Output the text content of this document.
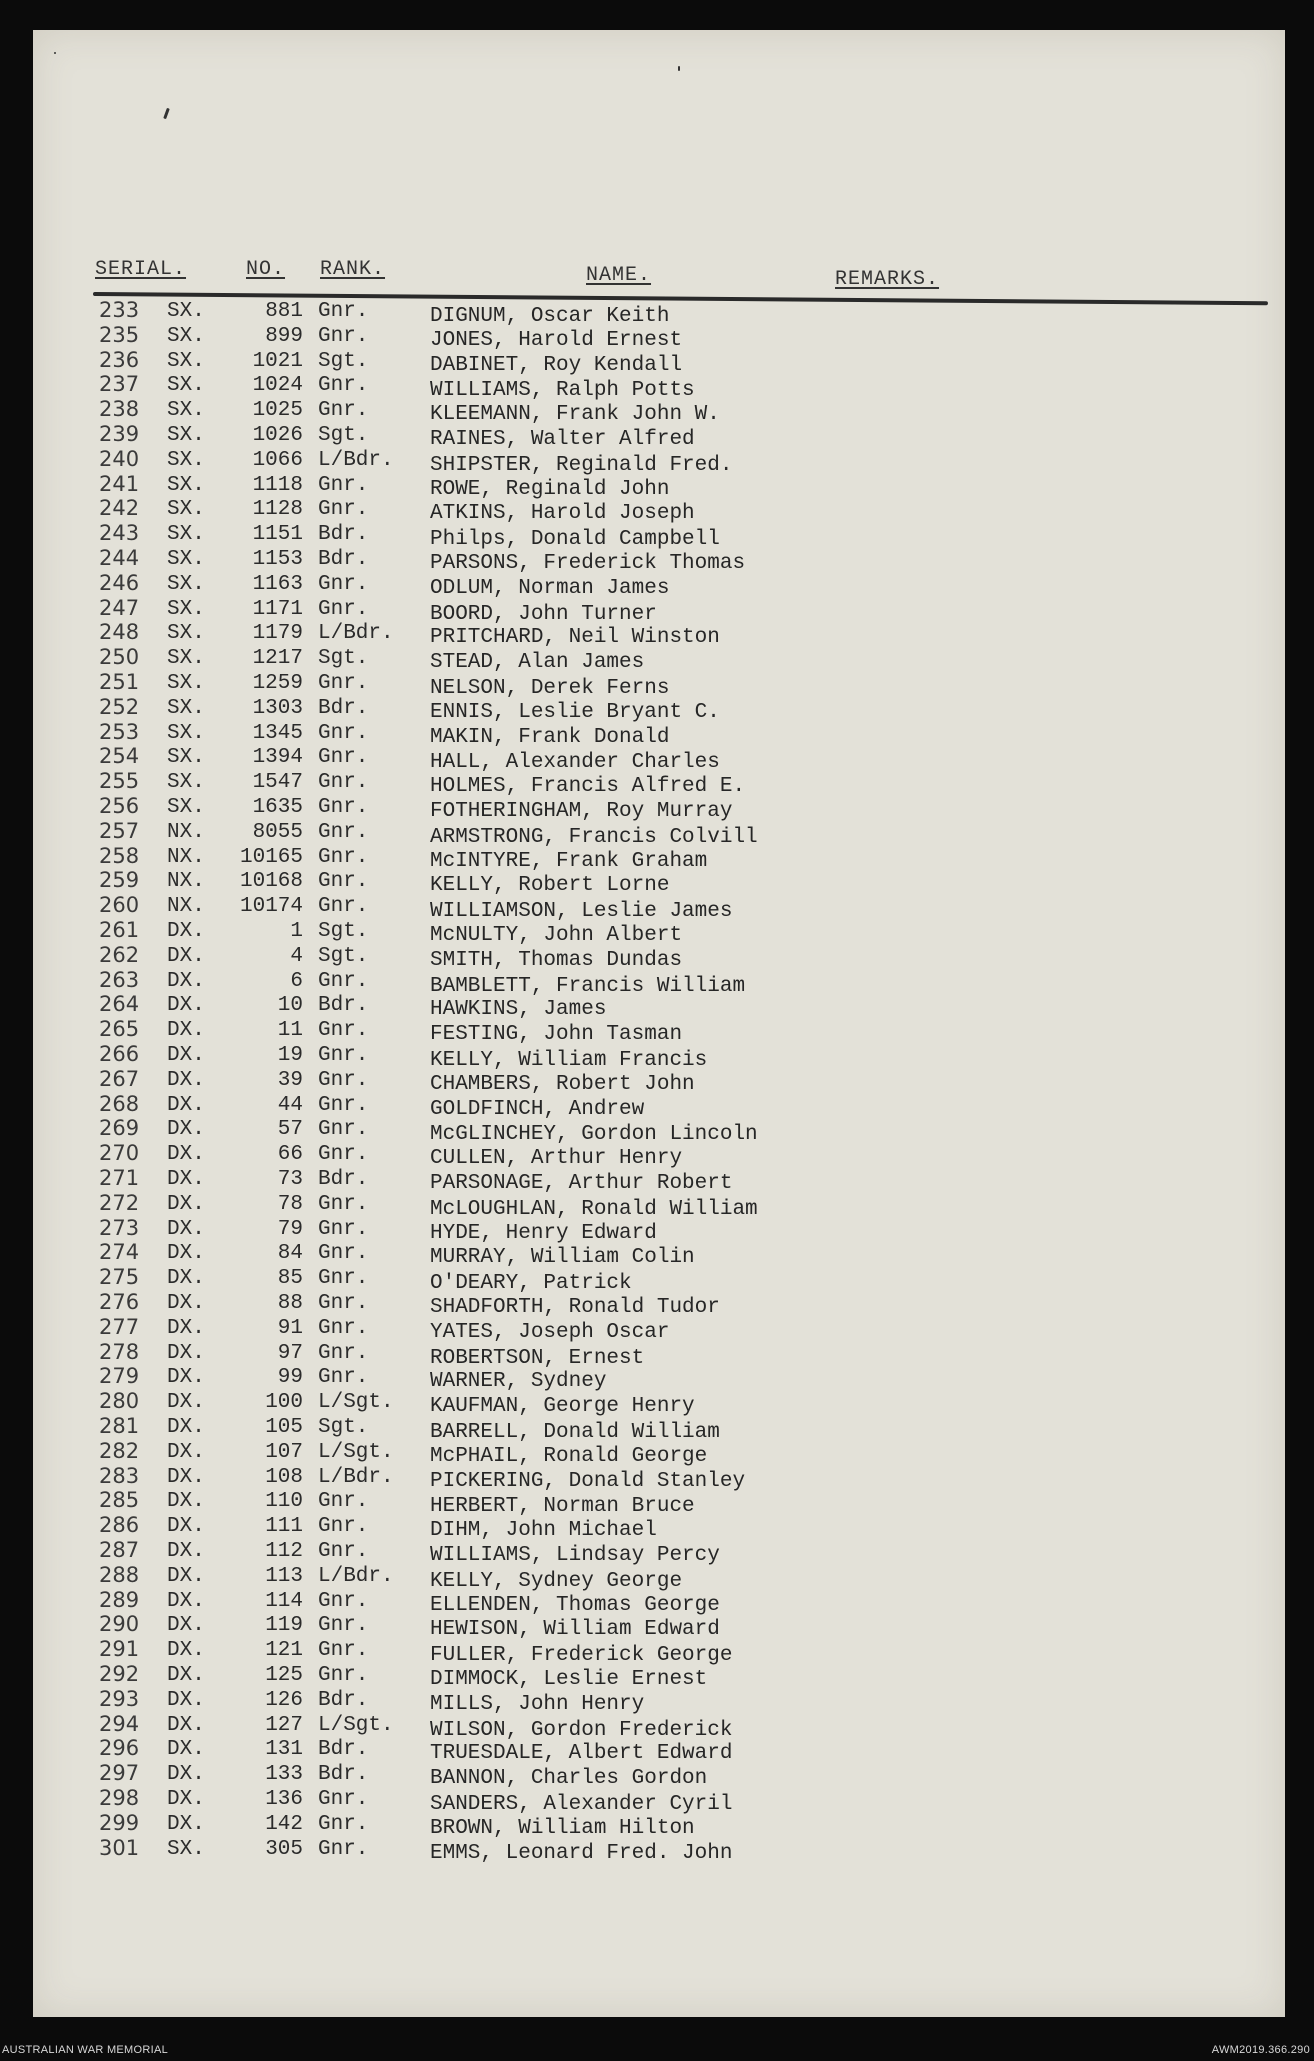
SERIAL.	NO. RANK.	NAME.	REMARKS.
233 SX.	881 Gnr.	DIGNUM, Oscar Keith
235 SX.	899 Gnr.	JONES, Harold Ernest
236 SX.	1021 Sgt.	DABINET, Roy Kendall
237 SX.	1024 Gnr.	WILLIAMS, Ralph Potts
238 SX.	1025 Gnr.	KLEEMANN, Frank John W.
239 SX.	1026 Sgt.	RAINES, Walter Alfred
240 SX.	1066 L/Bdr. SHIPSTER, Reginald Fred.
241 SX.	1118 Gnr.	ROWE, Reginald John
242 SX.	1128 Gnr.	ATKINS, Harold Joseph
243 SX.	1151 Bdr.	Philps, Donald Campbell
244 SX.	1153 Bdr.	PARSONS, Frederick Thomas
246 SX.	1163 Gnr.	ODLUM, Norman James
247 SX.	1171 Gnr.	BOORD, John Turner
248 SX.	1179 L/Bdr. PRITCHARD, Neil Winston
250 SX.	1217 Sgt.	STEAD, Alan James
251 SX.	1259 Gnr.	NELSON, Derek Ferns
252 SX.	1303 Bdr.	ENNIS, Leslie Bryant C.
253 SX.	1345 Gnr.	MAKIN, Frank Donald
254 SX.	1394 Gnr.	HALL, Alexander Charles
255 SX.	1547 Gnr.	HOLMES, Francis Alfred E.
256 SX.	1635 Gnr.	FOTHERINGHAM, Roy Murray
257 NX.	8055 Gnr.	ARMSTRONG, Francis Colvill
258 NX.	10165 Gnr.	McINTYRE, Frank Graham
259 NX.	10168 Gnr.	KELLY, Robert Lorne
260 NX.	10174 Gnr.	WILLIAMSON, Leslie James
261 DX.	1 Sgt.	McNULTY, John Albert
262 DX.	4 Sgt.	SMITH, Thomas Dundas
263 DX.	6 Gnr.	BAMBLETT, Francis William
264 DX.	10 Bdr.	HAWKINS, James
265 DX.	11 Gnr.	FESTING, John Tasman
266 DX.	19 Gnr.	KELLY, William Francis
267 DX.	39 Gnr.	CHAMBERS, Robert John
268 DX.	44 Gnr.	GOLDFINCH, Andrew
269 DX.	57 Gnr.	McGLINCHEY, Gordon Lincoln
270 DX.	66 Gnr.	CULLEN, Arthur Henry
271 DX.	73 Bdr.	PARSONAGE, Arthur Robert
272 DX.	78 Gnr.	McLOUGHLAN, Ronald William
273 DX.	79 Gnr.	HYDE, Henry Edward
274 DX.	84 Gnr.	MURRAY, William Colin
275 DX.	85 Gnr.	O'DEARY, Patrick
276 DX.	88 Gnr.	SHADFORTH, Ronald Tudor
277 DX.	91 Gnr.	YATES, Joseph Oscar
278 DX.	97 Gnr.	ROBERTSON, Ernest
279 DX.	99 Gnr.	WARNER, Sydney
280 DX.	100 L/Sgt. KAUFMAN, George Henry
281 DX.	105 Sgt.	BARRELL, Donald William
282 DX.	107 L/Sgt. McPHAIL, Ronald George
283 DX.	108 L/Bdr. PICKERING, Donald Stanley
285 DX.	110 Gnr.	HERBERT, Norman Bruce
286 DX.	111 Gnr.	DIHM, John Michael
287 DX.	112 Gnr.	WILLIAMS, Lindsay Percy
288 DX.	113 L/Bdr. KELLY, Sydney George
289 DX.	114 Gnr.	ELLENDEN, Thomas George
290 DX.	119 Gnr.	HEWISON, William Edward
291 DX.	121 Gnr.	FULLER, Frederick George
292 DX.	125 Gnr.	DIMMOCK, Leslie Ernest
293 DX.	126 Bdr.	MILLS, John Henry
294 DX.	127 L/Sgt. WILSON, Gordon Frederick
296 DX.	131 Bdr.	TRUESDALE, Albert Edward
297 DX.	133 Bdr.	BANNON, Charles Gordon
298 DX.	136 Gnr.	SANDERS, Alexander Cyril
299 DX.	142 Gnr.	BROWN, William Hilton
301 SX.	305 Gnr.	EMMS, Leonard Fred. John
AUSTRALIAN WAR MEMORIAL	AWM2019.366.290
